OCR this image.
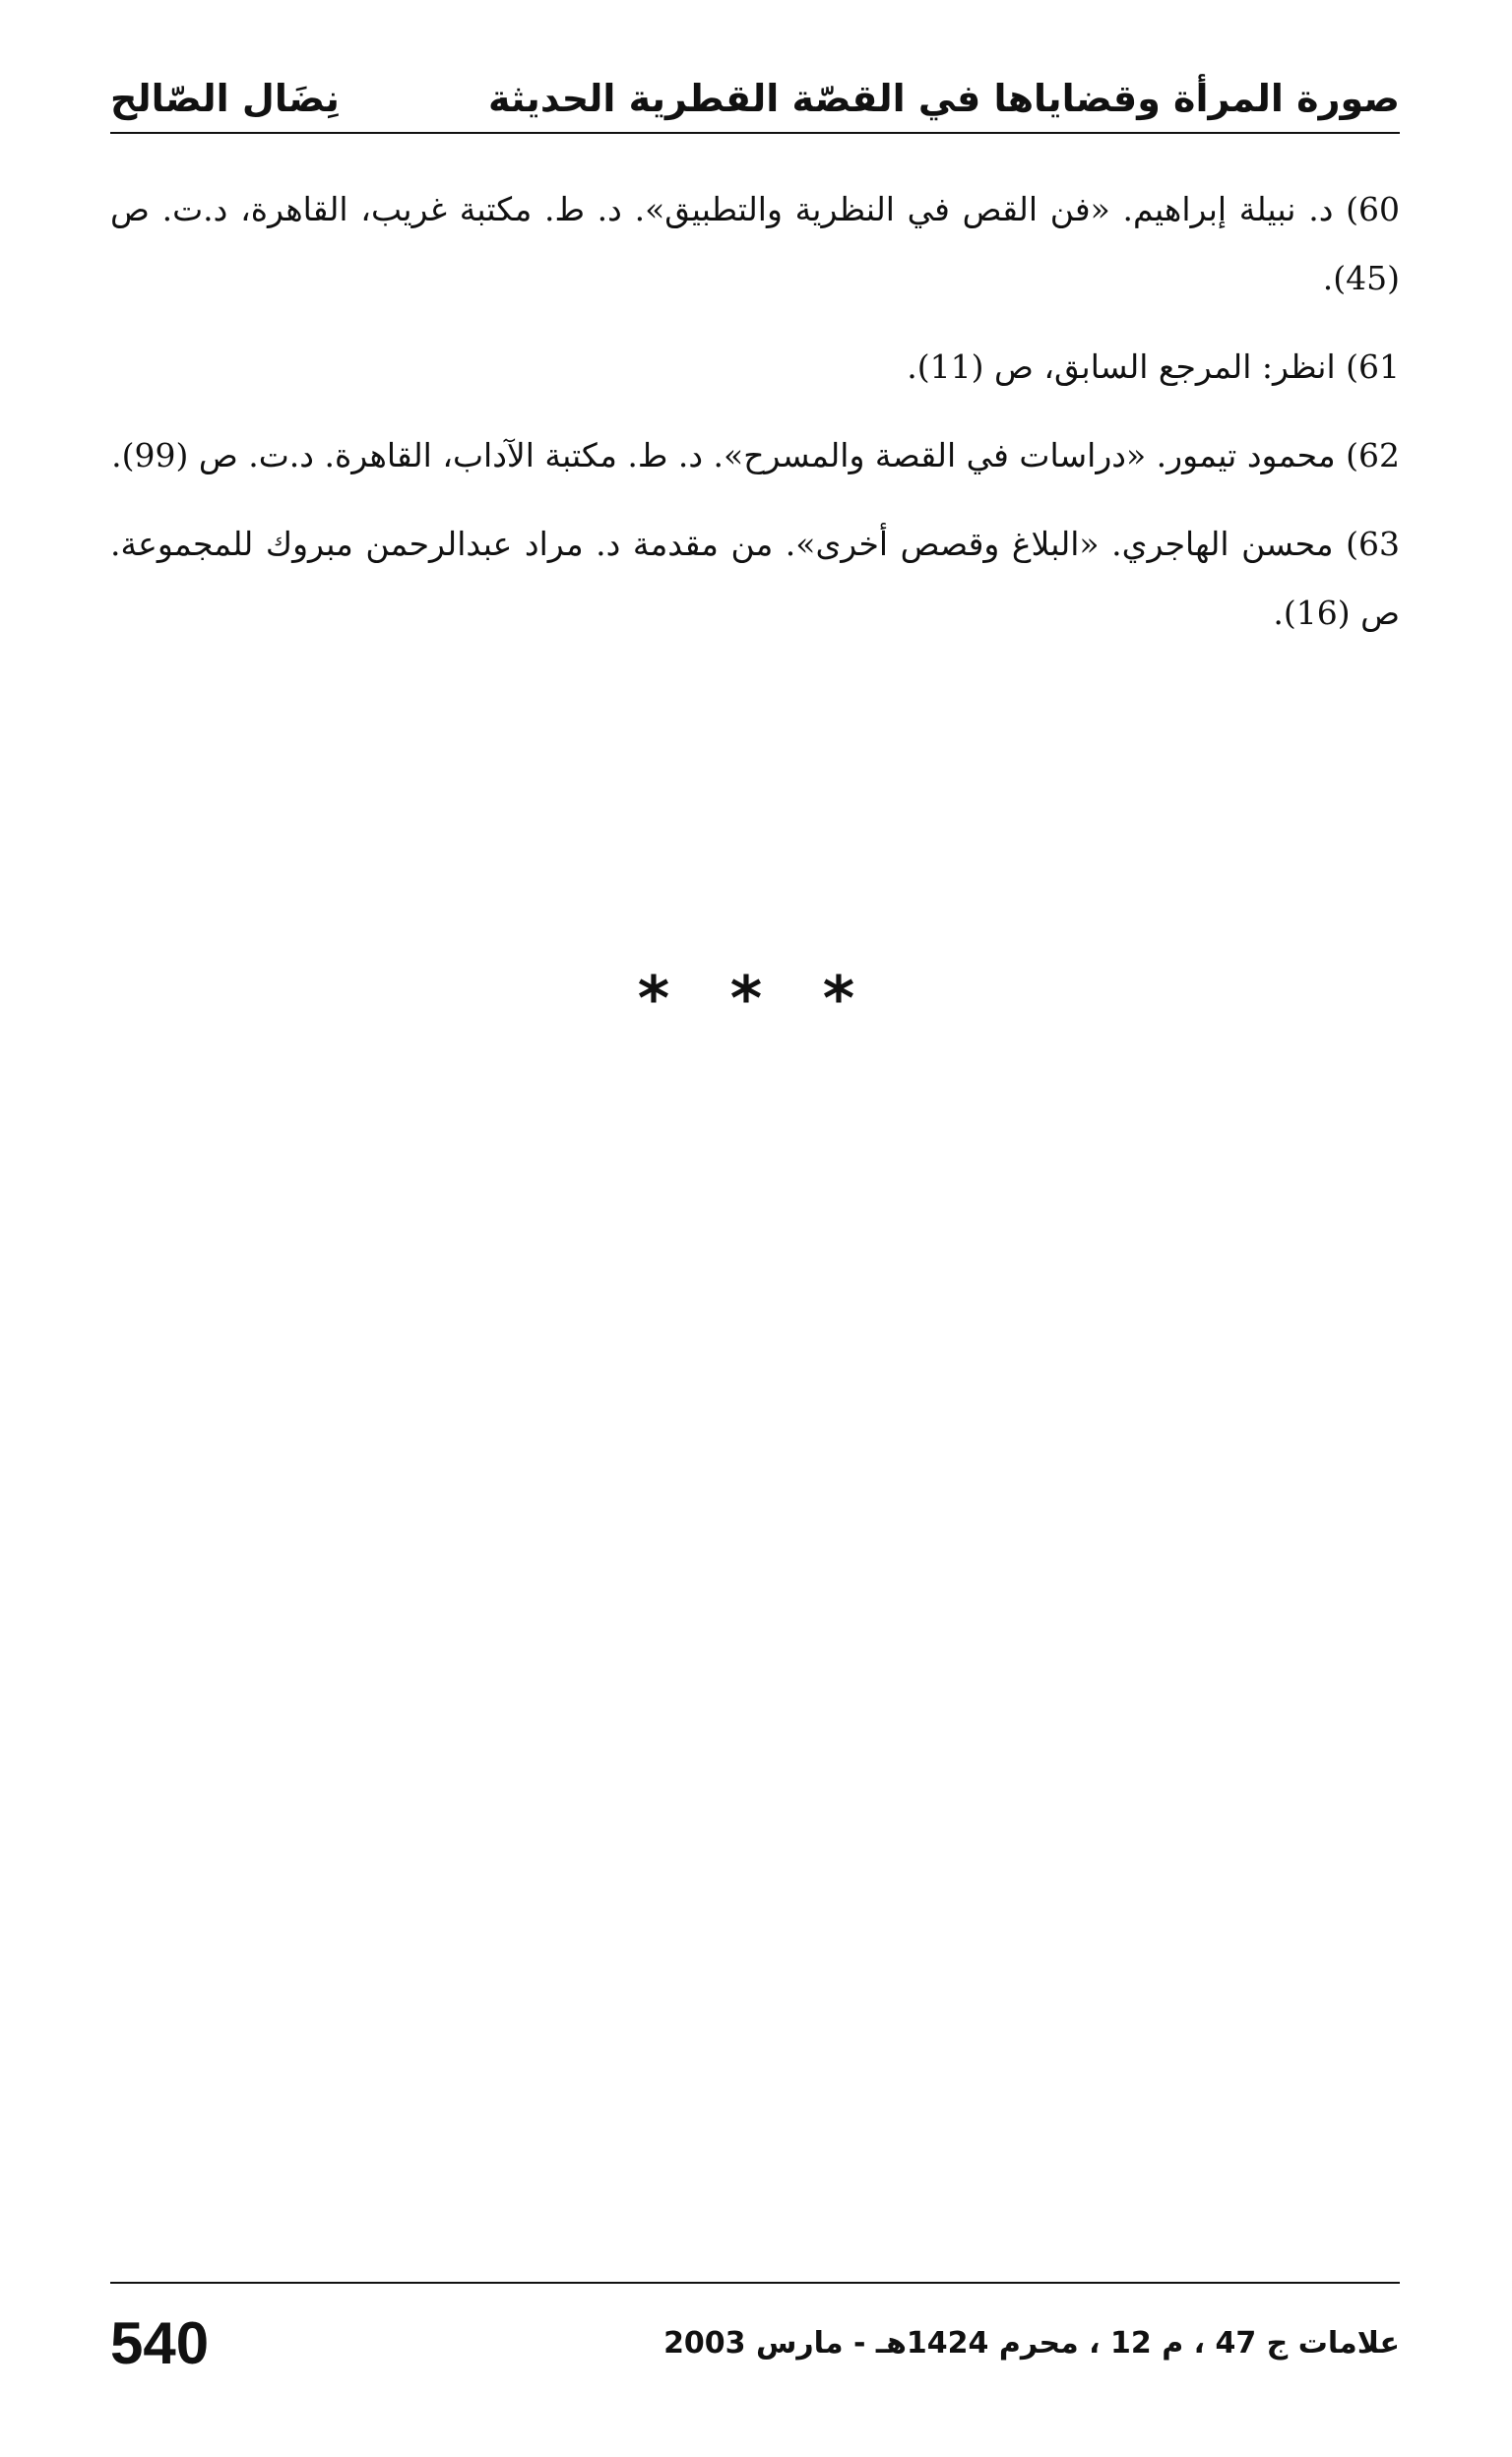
صورة المرأة وقضاياها في القصّة القطرية الحديثة
نِضَال الصّالح

60) د. نبيلة إبراهيم. «فن القص في النظرية والتطبيق». د. ط. مكتبة غريب، القاهرة، د.ت. ص (45).

61) انظر: المرجع السابق، ص (11).

62) محمود تيمور. «دراسات في القصة والمسرح». د. ط. مكتبة الآداب، القاهرة. د.ت. ص (99).

63) محسن الهاجري. «البلاغ وقصص أخرى». من مقدمة د. مراد عبدالرحمن مبروك للمجموعة. ص (16).

* * *
540	علامات ج 47 ، م 12 ، محرم 1424هـ - مارس 2003
